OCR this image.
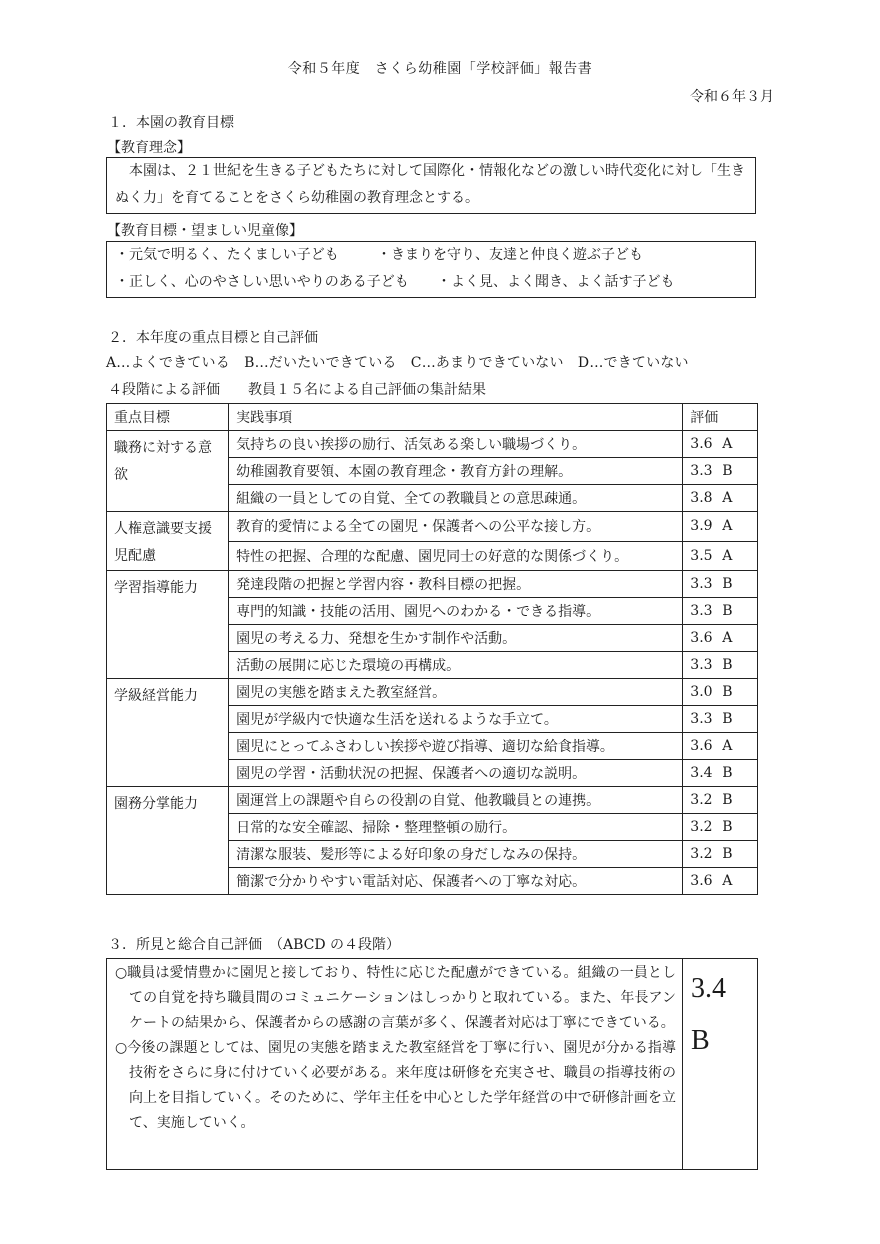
令和５年度　さくら幼稚園「学校評価」報告書
令和６年３月
１．本園の教育目標
【教育理念】

本園は、２１世紀を生きる子どもたちに対して国際化・情報化などの激しい時代変化に対し「生きぬく力」を育てることをさくら幼稚園の教育理念とする。

【教育目標・望ましい児童像】
・元気で明るく、たくましい子ども	・きまりを守り、友達と仲良く遊ぶ子ども
・正しく、心のやさしい思いやりのある子ども	・よく見、よく聞き、よく話す子ども
２．本年度の重点目標と自己評価
A…よくできている　B…だいたいできている　C…あまりできていない　D…できていない
４段階による評価　　教員１５名による自己評価の集計結果
重点目標	実践事項	評価
職務に対する意欲	気持ちの良い挨拶の励行、活気ある楽しい職場づくり。	3.6 A
	幼稚園教育要領、本園の教育理念・教育方針の理解。	3.3 B
	組織の一員としての自覚、全ての教職員との意思疎通。	3.8 A
人権意識要支援児配慮	教育的愛情による全ての園児・保護者への公平な接し方。	3.9 A
	特性の把握、合理的な配慮、園児同士の好意的な関係づくり。	3.5 A
学習指導能力	発達段階の把握と学習内容・教科目標の把握。	3.3 B
	専門的知識・技能の活用、園児へのわかる・できる指導。	3.3 B
	園児の考える力、発想を生かす制作や活動。	3.6 A
	活動の展開に応じた環境の再構成。	3.3 B
学級経営能力	園児の実態を踏まえた教室経営。	3.0 B
	園児が学級内で快適な生活を送れるような手立て。	3.3 B
	園児にとってふさわしい挨拶や遊び指導、適切な給食指導。	3.6 A
	園児の学習・活動状況の把握、保護者への適切な説明。	3.4 B
園務分掌能力	園運営上の課題や自らの役割の自覚、他教職員との連携。	3.2 B
	日常的な安全確認、掃除・整理整頓の励行。	3.2 B
	清潔な服装、髪形等による好印象の身だしなみの保持。	3.2 B
	簡潔で分かりやすい電話対応、保護者への丁寧な対応。	3.6 A
３．所見と総合自己評価　（ABCD の４段階）

○職員は愛情豊かに園児と接しており、特性に応じた配慮ができている。組織の一員としての自覚を持ち職員間のコミュニケーションはしっかりと取れている。また、年長アンケートの結果から、保護者からの感謝の言葉が多く、保護者対応は丁寧にできている。

○今後の課題としては、園児の実態を踏まえた教室経営を丁寧に行い、園児が分かる指導技術をさらに身に付けていく必要がある。来年度は研修を充実させ、職員の指導技術の向上を目指していく。そのために、学年主任を中心とした学年経営の中で研修計画を立て、実施していく。

3.4
B
